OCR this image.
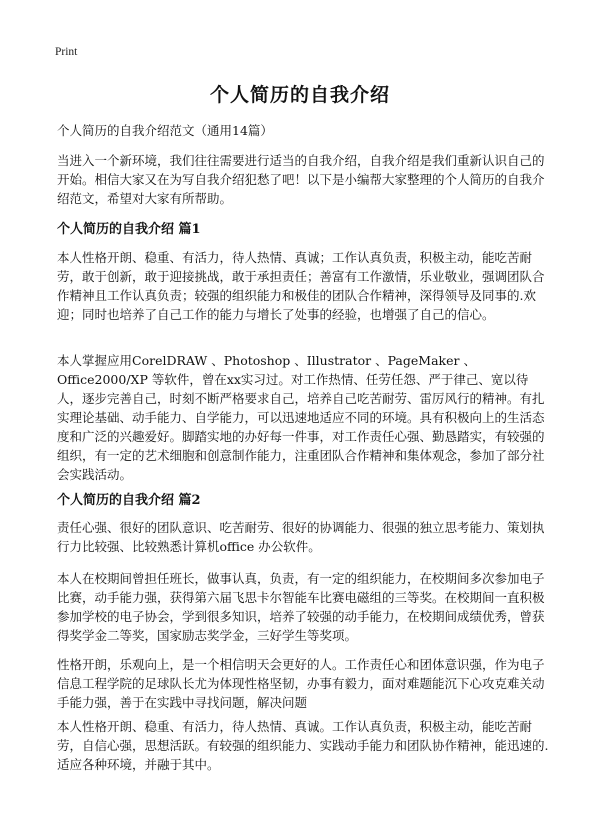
Print
个人简历的自我介绍

个人简历的自我介绍范文（通用14篇）

当进入一个新环境，我们往往需要进行适当的自我介绍，自我介绍是我们重新认识自己的开始。相信大家又在为写自我介绍犯愁了吧！以下是小编帮大家整理的个人简历的自我介绍范文，希望对大家有所帮助。

个人简历的自我介绍 篇1

本人性格开朗、稳重、有活力，待人热情、真诚；工作认真负责，积极主动，能吃苦耐劳，敢于创新，敢于迎接挑战，敢于承担责任；善富有工作激情，乐业敬业，强调团队合作精神且工作认真负责；较强的组织能力和极佳的团队合作精神，深得领导及同事的.欢迎；同时也培养了自己工作的能力与增长了处事的经验，也增强了自己的信心。

本人掌握应用CorelDRAW 、Photoshop 、Illustrator 、PageMaker 、Office2000/XP 等软件，曾在xx实习过。对工作热情、任劳任怨、严于律己、宽以待人，逐步完善自己，时刻不断严格要求自己，培养自己吃苦耐劳、雷厉风行的精神。有扎实理论基础、动手能力、自学能力，可以迅速地适应不同的环境。具有积极向上的生活态度和广泛的兴趣爱好。脚踏实地的办好每一件事，对工作责任心强、勤恳踏实，有较强的组织，有一定的艺术细胞和创意制作能力，注重团队合作精神和集体观念，参加了部分社会实践活动。

个人简历的自我介绍 篇2

责任心强、很好的团队意识、吃苦耐劳、很好的协调能力、很强的独立思考能力、策划执行力比较强、比较熟悉计算机office 办公软件。

本人在校期间曾担任班长，做事认真，负责，有一定的组织能力，在校期间多次参加电子比赛，动手能力强，获得第六届飞思卡尔智能车比赛电磁组的三等奖。在校期间一直积极参加学校的电子协会，学到很多知识，培养了较强的动手能力，在校期间成绩优秀，曾获得奖学金二等奖，国家励志奖学金，三好学生等奖项。

性格开朗，乐观向上，是一个相信明天会更好的人。工作责任心和团体意识强，作为电子信息工程学院的足球队长尤为体现性格坚韧，办事有毅力，面对难题能沉下心攻克难关动手能力强，善于在实践中寻找问题，解决问题

本人性格开朗、稳重、有活力，待人热情、真诚。工作认真负责，积极主动，能吃苦耐劳，自信心强，思想活跃。有较强的组织能力、实践动手能力和团队协作精神，能迅速的.适应各种环境，并融于其中。
